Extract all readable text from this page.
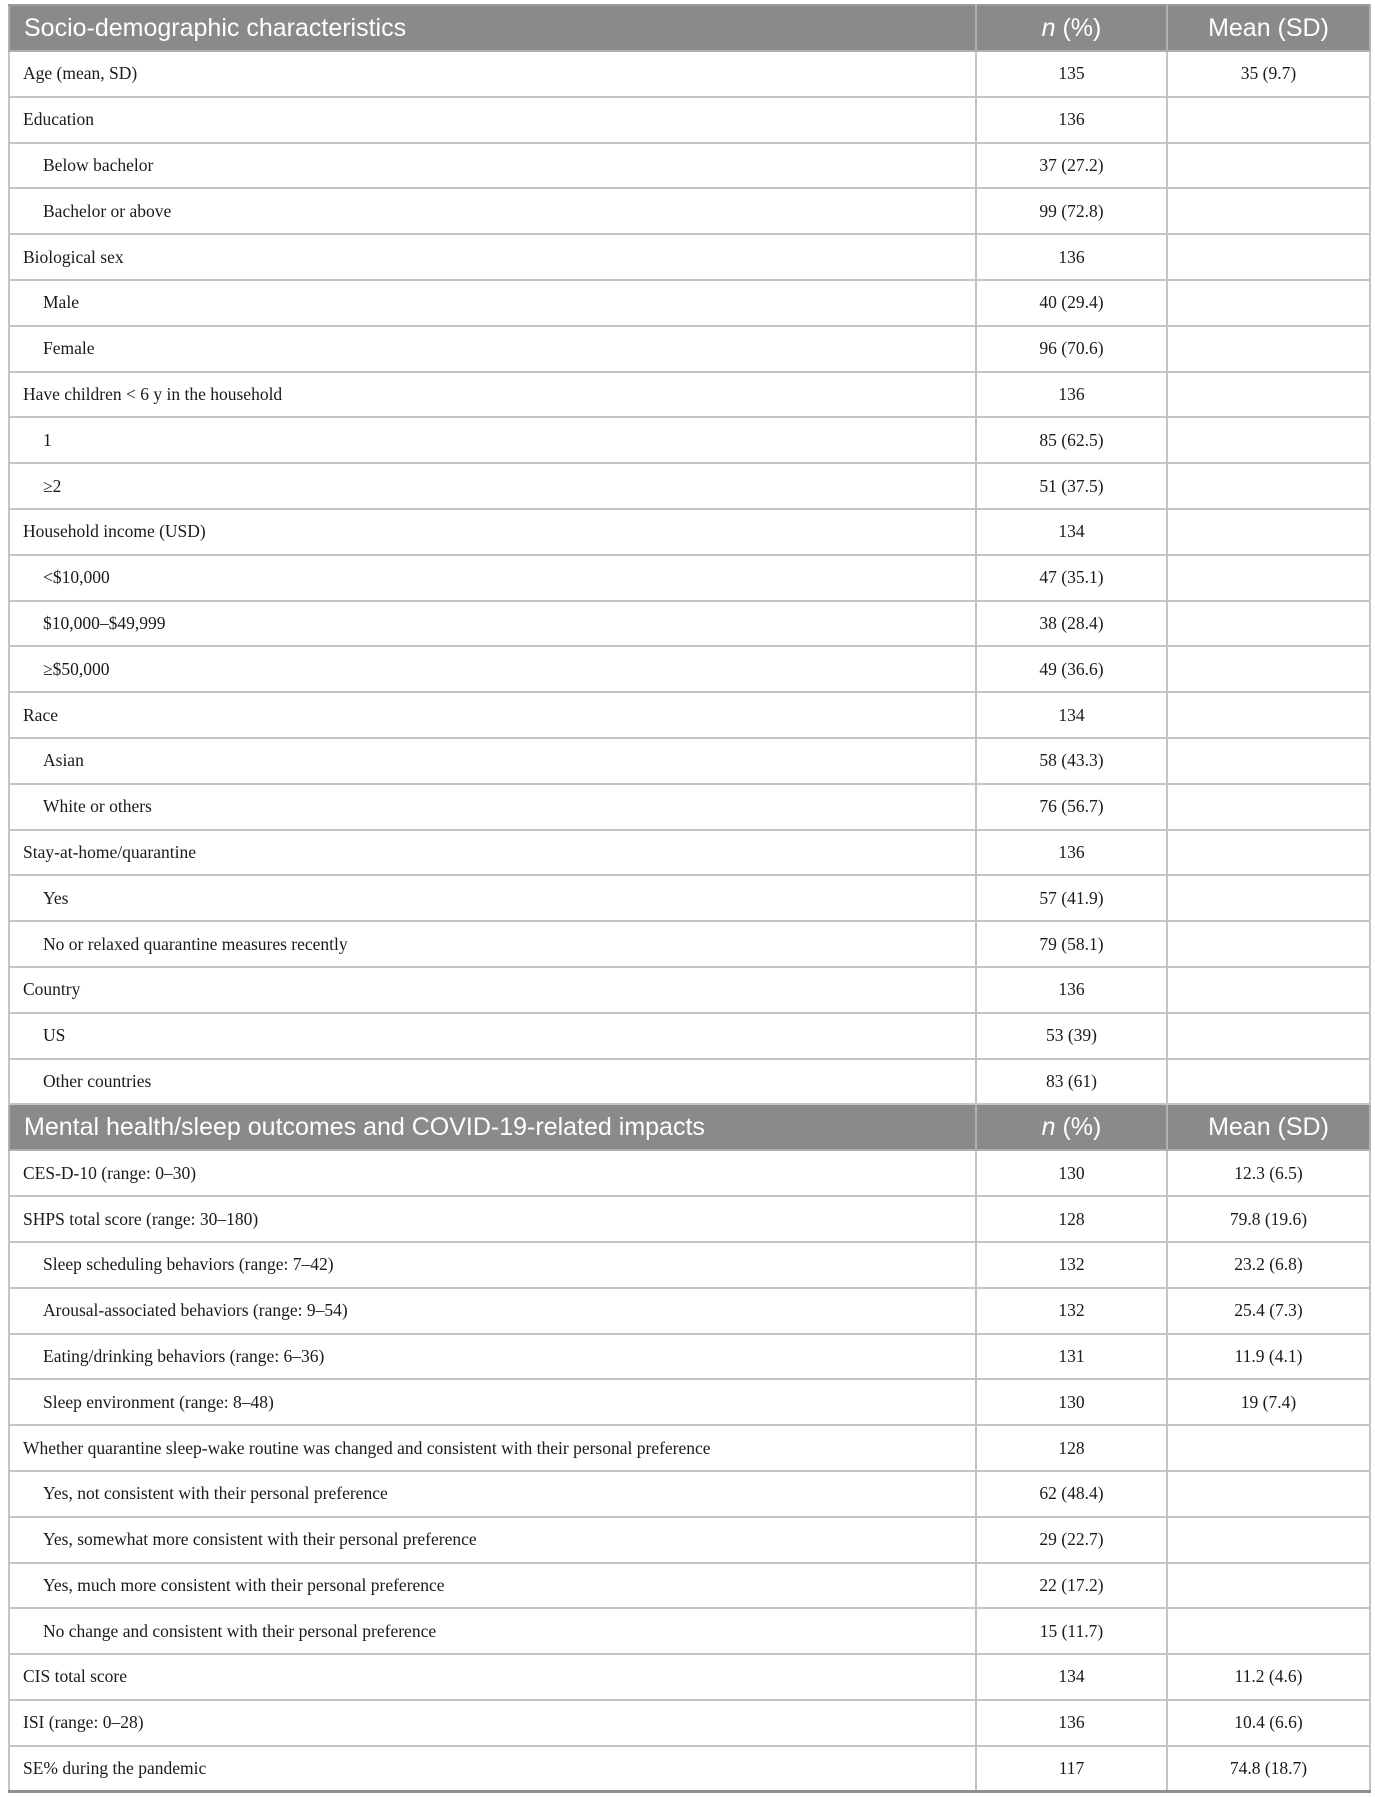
Socio-demographic characteristics	n (%)	Mean (SD)
Age (mean, SD)	135	35 (9.7)
Education	136	
Below bachelor	37 (27.2)	
Bachelor or above	99 (72.8)	
Biological sex	136	
Male	40 (29.4)	
Female	96 (70.6)	
Have children < 6 y in the household	136	
1	85 (62.5)	
≥2	51 (37.5)	
Household income (USD)	134	
<$10,000	47 (35.1)	
$10,000–$49,999	38 (28.4)	
≥$50,000	49 (36.6)	
Race	134	
Asian	58 (43.3)	
White or others	76 (56.7)	
Stay-at-home/quarantine	136	
Yes	57 (41.9)	
No or relaxed quarantine measures recently	79 (58.1)	
Country	136	
US	53 (39)	
Other countries	83 (61)	
Mental health/sleep outcomes and COVID-19-related impacts	n (%)	Mean (SD)
CES-D-10 (range: 0–30)	130	12.3 (6.5)
SHPS total score (range: 30–180)	128	79.8 (19.6)
Sleep scheduling behaviors (range: 7–42)	132	23.2 (6.8)
Arousal-associated behaviors (range: 9–54)	132	25.4 (7.3)
Eating/drinking behaviors (range: 6–36)	131	11.9 (4.1)
Sleep environment (range: 8–48)	130	19 (7.4)
Whether quarantine sleep-wake routine was changed and consistent with their personal preference	128	
Yes, not consistent with their personal preference	62 (48.4)	
Yes, somewhat more consistent with their personal preference	29 (22.7)	
Yes, much more consistent with their personal preference	22 (17.2)	
No change and consistent with their personal preference	15 (11.7)	
CIS total score	134	11.2 (4.6)
ISI (range: 0–28)	136	10.4 (6.6)
SE% during the pandemic	117	74.8 (18.7)
